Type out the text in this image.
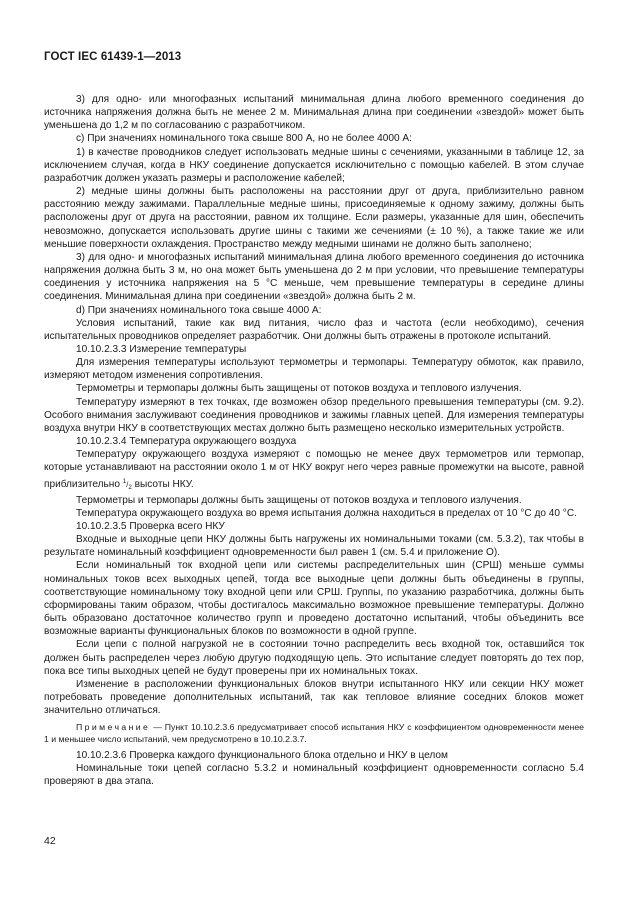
ГОСТ IEC 61439-1—2013

3) для одно- или многофазных испытаний минимальная длина любого временного соединения до источника напряжения должна быть не менее 2 м. Минимальная длина при соединении «звездой» может быть уменьшена до 1,2 м по согласованию с разработчиком.

c) При значениях номинального тока свыше 800 А, но не более 4000 А:

1) в качестве проводников следует использовать медные шины с сечениями, указанными в таблице 12, за исключением случая, когда в НКУ соединение допускается исключительно с помощью кабелей. В этом случае разработчик должен указать размеры и расположение кабелей;

2) медные шины должны быть расположены на расстоянии друг от друга, приблизительно равном расстоянию между зажимами. Параллельные медные шины, присоединяемые к одному зажиму, должны быть расположены друг от друга на расстоянии, равном их толщине. Если размеры, указанные для шин, обеспечить невозможно, допускается использовать другие шины с такими же сечениями (± 10 %), а также такие же или меньшие поверхности охлаждения. Пространство между медными шинами не должно быть заполнено;

3) для одно- и многофазных испытаний минимальная длина любого временного соединения до источника напряжения должна быть 3 м, но она может быть уменьшена до 2 м при условии, что превышение температуры соединения у источника напряжения на 5 °С меньше, чем превышение температуры в середине длины соединения. Минимальная длина при соединении «звездой» должна быть 2 м.

d) При значениях номинального тока свыше 4000 А:

Условия испытаний, такие как вид питания, число фаз и частота (если необходимо), сечения испытательных проводников определяет разработчик. Они должны быть отражены в протоколе испытаний.

10.10.2.3.3 Измерение температуры

Для измерения температуры используют термометры и термопары. Температуру обмоток, как правило, измеряют методом изменения сопротивления.

Термометры и термопары должны быть защищены от потоков воздуха и теплового излучения.

Температуру измеряют в тех точках, где возможен обзор предельного превышения температуры (см. 9.2). Особого внимания заслуживают соединения проводников и зажимы главных цепей. Для измерения температуры воздуха внутри НКУ в соответствующих местах должно быть размещено несколько измерительных устройств.

10.10.2.3.4 Температура окружающего воздуха

Температуру окружающего воздуха измеряют с помощью не менее двух термометров или термопар, которые устанавливают на расстоянии около 1 м от НКУ вокруг него через равные промежутки на высоте, равной приблизительно $^1/_2$ высоты НКУ.

Термометры и термопары должны быть защищены от потоков воздуха и теплового излучения.

Температура окружающего воздуха во время испытания должна находиться в пределах от 10 °С до 40 °С.

10.10.2.3.5 Проверка всего НКУ

Входные и выходные цепи НКУ должны быть нагружены их номинальными токами (см. 5.3.2), так чтобы в результате номинальный коэффициент одновременности был равен 1 (см. 5.4 и приложение О).

Если номинальный ток входной цепи или системы распределительных шин (СРШ) меньше суммы номинальных токов всех выходных цепей, тогда все выходные цепи должны быть объединены в группы, соответствующие номинальному току входной цепи или СРШ. Группы, по указанию разработчика, должны быть сформированы таким образом, чтобы достигалось максимально возможное превышение температуры. Должно быть образовано достаточное количество групп и проведено достаточно испытаний, чтобы объединить все возможные варианты функциональных блоков по возможности в одной группе.

Если цепи с полной нагрузкой не в состоянии точно распределить весь входной ток, оставшийся ток должен быть распределен через любую другую подходящую цепь. Это испытание следует повторять до тех пор, пока все типы выходных цепей не будут проверены при их номинальных токах.

Изменение в расположении функциональных блоков внутри испытанного НКУ или секции НКУ может потребовать проведение дополнительных испытаний, так как тепловое влияние соседних блоков может значительно отличаться.

Примечание — Пункт 10.10.2.3.6 предусматривает способ испытания НКУ с коэффициентом одновременности менее 1 и меньшее число испытаний, чем предусмотрено в 10.10.2.3.7.

10.10.2.3.6 Проверка каждого функционального блока отдельно и НКУ в целом

Номинальные токи цепей согласно 5.3.2 и номинальный коэффициент одновременности согласно 5.4 проверяют в два этапа.

42
